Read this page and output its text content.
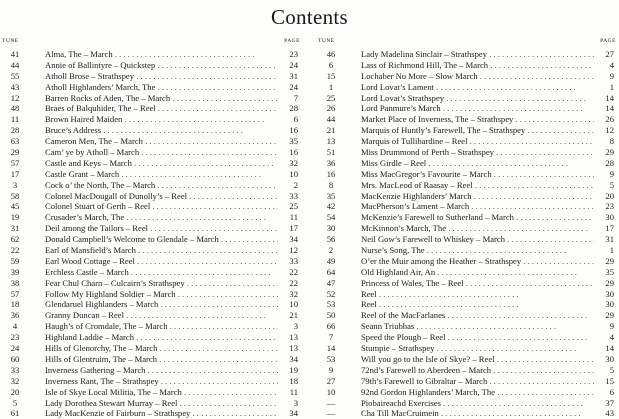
Contents
TUNE	PAGE
41	Alma, The – March . .	23
44	Annie of Ballintyre – Quickstep . .	24
55	Atholl Brose – Strathspey . .	31
43	Atholl Highlanders’ March, The . .	24
12	Barren Rocks of Aden, The – March . .	7
48	Braes of Balquhider, The – Reel . .	28
11	Brown Haired Maiden . .	6
28	Bruce’s Address . .	16
63	Cameron Men, The – March . .	35
29	Cam’ ye by Atholl – March . .	16
57	Castle and Keys – March . .	32
17	Castle Grant – March . .	10
3	Cock o’ the North, The – March . .	2
58	Colonel MacDougall of Dunolly’s – Reel . .	33
45	Colonel Stuart of Gerth – Reel . .	25
19	Crusader’s March, The . .	11
31	Deil among the Tailors – Reel . .	17
62	Donald Campbell’s Welcome to Glendale – March . .	34
22	Earl of Mansfield’s March . .	12
59	Earl Wood Cottage – Reel . .	33
39	Erchless Castle – March . .	22
38	Fear Chul Charn – Culcairn’s Strathspey . .	22
57	Follow My Highland Soldier – March . .	32
18	Glendaruel Highlanders – March . .	10
36	Granny Duncan – Reel . .	21
4	Haugh’s of Cromdale, The – March . .	3
23	Highland Laddie – March . .	13
24	Hills of Glenorchy, The – March . .	13
60	Hills of Glentruim, The – March . .	34
33	Inverness Gathering – March . .	19
32	Inverness Rant, The – Strathspey . .	18
20	Isle of Skye Local Militia, The – March . .	11
5	Lady Dorothea Stewart Murray – Reel . .	3
61	Lady MacKenzie of Fairburn – Strathspey . .	34
TUNE	PAGE
46	Lady Madelina Sinclair – Strathspey . .	27
6	Lass of Richmond Hill, The – March . .	4
15	Lochaber No More – Slow March . .	9
1	Lord Lovat’s Lament . .	1
25	Lord Lovat’s Strathspey . .	14
26	Lord Panmure’s March . .	14
44	Market Place of Inverness, The – Strathspey . .	26
21	Marquis of Huntly’s Farewell, The – Strathspey . .	12
13	Marquis of Tullibardine – Reel . .	8
51	Miss Drummond of Perth – Strathspey . .	29
36	Miss Girdle – Reel . .	28
16	Miss MacGregor’s Favourite – March . .	9
8	Mrs. MacLeod of Raasay – Reel . .	5
35	MacKenzie Highlanders’ March . .	20
42	MacPherson’s Lament – March . .	23
54	McKenzie’s Farewell to Sutherland – March . .	30
30	McKinnon’s March, The . .	17
56	Neil Gow’s Farewell to Whiskey – March . .	31
2	Nurse’s Song, The . .	1
49	O’er the Muir among the Heather – Strathspey . .	29
64	Old Highland Air, An . .	35
47	Princess of Wales, The – Reel . .	29
52	Reel . .	30
53	Reel . .	30
50	Reel of the MacFarlanes . .	29
66	Seann Triubhas . .	9
7	Speed the Plough – Reel . .	4
14	Stumpie – Strathspey . .	14
53	Will you go to the Isle of Skye? – Reel . .	30
9	72nd’s Farewell to Aberdeen – March . .	5
27	79th’s Farewell to Gibraltar – March . .	15
10	92nd Gordon Highlanders’ March, The . .	6
—	Piobaireachd Exercises . .	37
—	Cha Till MacCruimein . .	43
